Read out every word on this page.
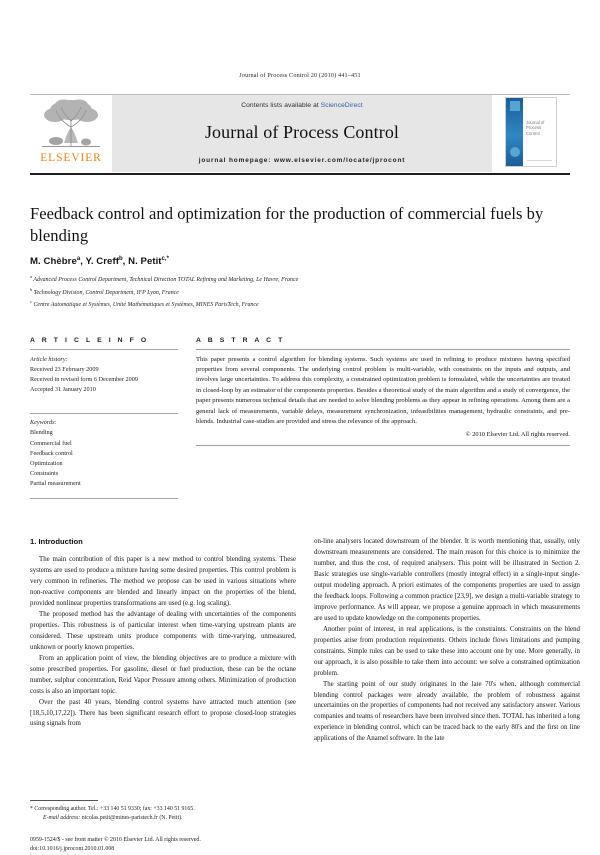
Journal of Process Control 20 (2010) 441–451
ELSEVIER
Contents lists available at ScienceDirect
Journal of Process Control
journal homepage: www.elsevier.com/locate/jprocont
Journal of Process Control
Feedback control and optimization for the production of commercial fuels by blending
M. Chèbre$^a$, Y. Creff$^b$, N. Petit$^{c,*}$
$^a$ Advanced Process Control Department, Technical Direction TOTAL Refining and Marketing, Le Havre, France
$^b$ Technology Division, Control Department, IFP Lyon, France
$^c$ Centre Automatique et Systèmes, Unité Mathématiques et Systèmes, MINES ParisTech, France
A R T I C L E I N F O
Article history:
Received 23 February 2009
Received in revised form 6 December 2009
Accepted 31 January 2010
Keywords:
Blending
Commercial fuel
Feedback control
Optimization
Constraints
Partial measurement
A B S T R A C T
This paper presents a control algorithm for blending systems. Such systems are used in refining to produce mixtures having specified properties from several components. The underlying control problem is multi-variable, with constraints on the inputs and outputs, and involves large uncertainties. To address this complexity, a constrained optimization problem is formulated, while the uncertainties are treated in closed-loop by an estimator of the components properties. Besides a theoretical study of the main algorithm and a study of convergence, the paper presents numerous technical details that are needed to solve blending problems as they appear in refining operations. Among them are a general lack of measurements, variable delays, measurement synchronization, infeasibilities management, hydraulic constraints, and pre-blends. Industrial case-studies are provided and stress the relevance of the approach.
© 2010 Elsevier Ltd. All rights reserved.
1. Introduction

The main contribution of this paper is a new method to control blending systems. These systems are used to produce a mixture having some desired properties. This control problem is very common in refineries. The method we propose can be used in various situations where non-reactive components are blended and linearly impact on the properties of the blend, provided nonlinear properties transformations are used (e.g. log scaling).

The proposed method has the advantage of dealing with uncertainties of the components properties. This robustness is of particular interest when time-varying upstream plants are considered. These upstream units produce components with time-varying, unmeasured, unknown or poorly known properties.

From an application point of view, the blending objectives are to produce a mixture with some prescribed properties. For gasoline, diesel or fuel production, these can be the octane number, sulphur concentration, Reid Vapor Pressure among others. Minimization of production costs is also an important topic.

Over the past 40 years, blending control systems have attracted much attention (see [18,5,10,17,22]). There has been significant research effort to propose closed-loop strategies using signals from

* Corresponding author. Tel.: +33 140 51 9330; fax: +33 140 51 9165.
E-mail address: nicolas.petit@mines-paristech.fr (N. Petit).
0959-1524/$ - see front matter © 2010 Elsevier Ltd. All rights reserved.
doi:10.1016/j.jprocont.2010.01.008

on-line analysers located downstream of the blender. It is worth mentioning that, usually, only downstream measurements are considered. The main reason for this choice is to minimize the number, and thus the cost, of required analysers. This point will be illustrated in Section 2. Basic strategies use single-variable controllers (mostly integral effect) in a single-input single-output modeling approach. A priori estimates of the components properties are used to assign the feedback loops. Following a common practice [23,9], we design a multi-variable strategy to improve performance. As will appear, we propose a genuine approach in which measurements are used to update knowledge on the components properties.

Another point of interest, in real applications, is the constraints. Constraints on the blend properties arise from production requirements. Others include flows limitations and pumping constraints. Simple rules can be used to take these into account one by one. More generally, in our approach, it is also possible to take them into account: we solve a constrained optimization problem.

The starting point of our study originates in the late 70's when, although commercial blending control packages were already available, the problem of robustness against uncertainties on the properties of components had not received any satisfactory answer. Various companies and teams of researchers have been involved since then. TOTAL has inherited a long experience in blending control, which can be traced back to the early 80's and the first on line applications of the Anamel software. In the late
